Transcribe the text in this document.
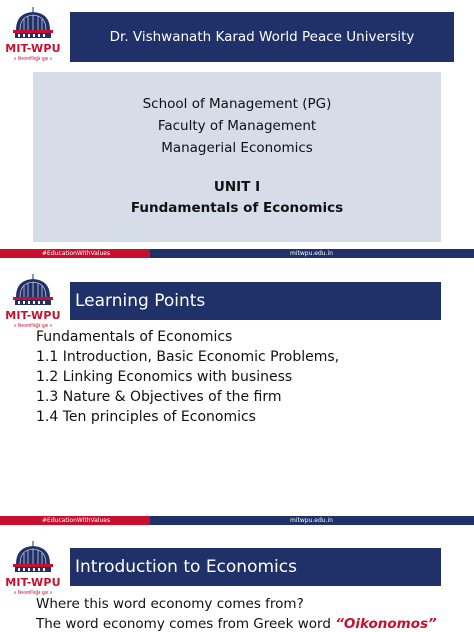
MIT-WPU
॥ विश्वशान्तिर्ध्रुवं ध्रुवा ॥
Dr. Vishwanath Karad World Peace University
School of Management (PG)
Faculty of Management
Managerial Economics
UNIT I
Fundamentals of Economics
#EducationWithValues	mitwpu.edu.in
MIT-WPU
॥ विश्वशान्तिर्ध्रुवं ध्रुवा ॥
Learning Points
Fundamentals of Economics
1.1 Introduction, Basic Economic Problems,
1.2 Linking Economics with business
1.3 Nature & Objectives of the firm
1.4 Ten principles of Economics
#EducationWithValues	mitwpu.edu.in
MIT-WPU
॥ विश्वशान्तिर्ध्रुवं ध्रुवा ॥
Introduction to Economics
Where this word economy comes from?
The word economy comes from Greek word “Oikonomos”
